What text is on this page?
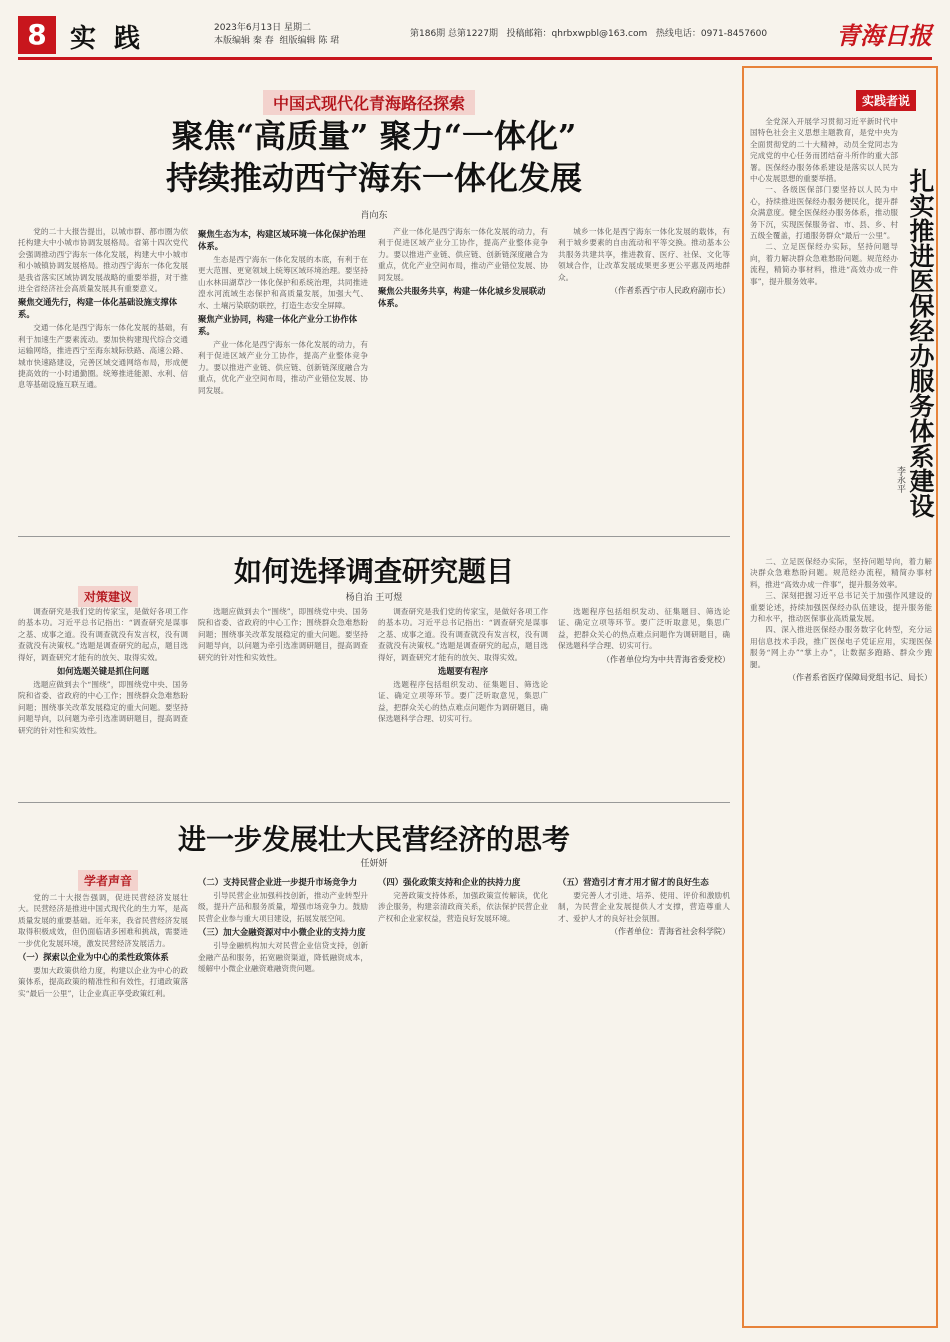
8 实践	2023年6月13日 星期二
本版编辑 秦 春 组版编辑 陈 珺
第186期 总第1227期 投稿邮箱：qhrbxwpbl@163.com 热线电话：0971-8457600	青海日报
中国式现代化青海路径探索
聚焦“高质量” 聚力“一体化”
持续推动西宁海东一体化发展
肖向东

党的二十大报告提出，以城市群、都市圈为依托构建大中小城市协调发展格局。省第十四次党代会强调推动西宁海东一体化发展，构建大中小城市和小城镇协调发展格局。推动西宁海东一体化发展是我省落实区域协调发展战略的重要举措，对于推进全省经济社会高质量发展具有重要意义。

聚焦交通先行，构建一体化基础设施支撑体系。

交通一体化是西宁海东一体化发展的基础，有利于加速生产要素流动。要加快构建现代综合交通运输网络，推进西宁至海东城际铁路、高速公路、城市快速路建设，完善区域交通网络布局，形成便捷高效的一小时通勤圈。统筹推进能源、水利、信息等基础设施互联互通。

聚焦生态为本，构建区域环境一体化保护治理体系。

生态是西宁海东一体化发展的本底，有利于在更大范围、更宽领域上统筹区域环境治理。要坚持山水林田湖草沙一体化保护和系统治理，共同推进湟水河流域生态保护和高质量发展，加强大气、水、土壤污染联防联控，打造生态安全屏障。

聚焦产业协同，构建一体化产业分工协作体系。

产业一体化是西宁海东一体化发展的动力，有利于促进区域产业分工协作，提高产业整体竞争力。要以推进产业链、供应链、创新链深度融合为重点，优化产业空间布局，推动产业错位发展、协同发展。

产业一体化是西宁海东一体化发展的动力，有利于促进区域产业分工协作，提高产业整体竞争力。要以推进产业链、供应链、创新链深度融合为重点，优化产业空间布局，推动产业错位发展、协同发展。

聚焦公共服务共享，构建一体化城乡发展联动体系。

城乡一体化是西宁海东一体化发展的载体，有利于城乡要素的自由流动和平等交换。推动基本公共服务共建共享，推进教育、医疗、社保、文化等领域合作，让改革发展成果更多更公平惠及两地群众。

（作者系西宁市人民政府副市长）

如何选择调查研究题目
杨自治 王可煜
对策建议

调查研究是我们党的传家宝，是做好各项工作的基本功。习近平总书记指出：“调查研究是谋事之基、成事之道。没有调查就没有发言权，没有调查就没有决策权。”选题是调查研究的起点，题目选得好，调查研究才能有的放矢、取得实效。

如何选题关键是抓住问题

选题应做到去个“围绕”，即围绕党中央、国务院和省委、省政府的中心工作；围绕群众急难愁盼问题；围绕事关改革发展稳定的重大问题。要坚持问题导向，以问题为牵引选准调研题目，提高调查研究的针对性和实效性。

选题应做到去个“围绕”，即围绕党中央、国务院和省委、省政府的中心工作；围绕群众急难愁盼问题；围绕事关改革发展稳定的重大问题。要坚持问题导向，以问题为牵引选准调研题目，提高调查研究的针对性和实效性。

调查研究是我们党的传家宝，是做好各项工作的基本功。习近平总书记指出：“调查研究是谋事之基、成事之道。没有调查就没有发言权，没有调查就没有决策权。”选题是调查研究的起点，题目选得好，调查研究才能有的放矢、取得实效。

选题要有程序

选题程序包括组织发动、征集题目、筛选论证、确定立项等环节。要广泛听取意见，集思广益，把群众关心的热点难点问题作为调研题目，确保选题科学合理、切实可行。

选题程序包括组织发动、征集题目、筛选论证、确定立项等环节。要广泛听取意见，集思广益，把群众关心的热点难点问题作为调研题目，确保选题科学合理、切实可行。

（作者单位均为中共青海省委党校）

进一步发展壮大民营经济的思考
任妍妍
学者声音

党的二十大报告强调，促进民营经济发展壮大。民营经济是推进中国式现代化的生力军，是高质量发展的重要基础。近年来，我省民营经济发展取得积极成效，但仍面临诸多困难和挑战，需要进一步优化发展环境，激发民营经济发展活力。

（一）探索以企业为中心的柔性政策体系

要加大政策供给力度，构建以企业为中心的政策体系，提高政策的精准性和有效性，打通政策落实“最后一公里”，让企业真正享受政策红利。

（二）支持民营企业进一步提升市场竞争力

引导民营企业加强科技创新，推动产业转型升级，提升产品和服务质量，增强市场竞争力。鼓励民营企业参与重大项目建设，拓展发展空间。

（三）加大金融资源对中小微企业的支持力度

引导金融机构加大对民营企业信贷支持，创新金融产品和服务，拓宽融资渠道，降低融资成本，缓解中小微企业融资难融资贵问题。

（四）强化政策支持和企业的扶持力度

完善政策支持体系，加强政策宣传解读，优化涉企服务，构建亲清政商关系，依法保护民营企业产权和企业家权益，营造良好发展环境。

（五）营造引才育才用才留才的良好生态

要完善人才引进、培养、使用、评价和激励机制，为民营企业发展提供人才支撑，营造尊重人才、爱护人才的良好社会氛围。

（作者单位：青海省社会科学院）

实践者说
扎实推进医保经办服务体系建设
李永平

全党深入开展学习贯彻习近平新时代中国特色社会主义思想主题教育，是党中央为全面贯彻党的二十大精神，动员全党同志为完成党的中心任务而团结奋斗所作的重大部署。医保经办服务体系建设是落实以人民为中心发展思想的重要举措。

一、各级医保部门要坚持以人民为中心，持续推进医保经办服务便民化，提升群众满意度。健全医保经办服务体系，推动服务下沉，实现医保服务省、市、县、乡、村五级全覆盖，打通服务群众“最后一公里”。

二、立足医保经办实际，坚持问题导向，着力解决群众急难愁盼问题。规范经办流程，精简办事材料，推进“高效办成一件事”，提升服务效率。

二、立足医保经办实际，坚持问题导向，着力解决群众急难愁盼问题。规范经办流程，精简办事材料，推进“高效办成一件事”，提升服务效率。

三、深刻把握习近平总书记关于加强作风建设的重要论述，持续加强医保经办队伍建设，提升服务能力和水平，推动医保事业高质量发展。

四、深入推进医保经办服务数字化转型，充分运用信息技术手段，推广医保电子凭证应用，实现医保服务“网上办”“掌上办”，让数据多跑路、群众少跑腿。

（作者系省医疗保障局党组书记、局长）
